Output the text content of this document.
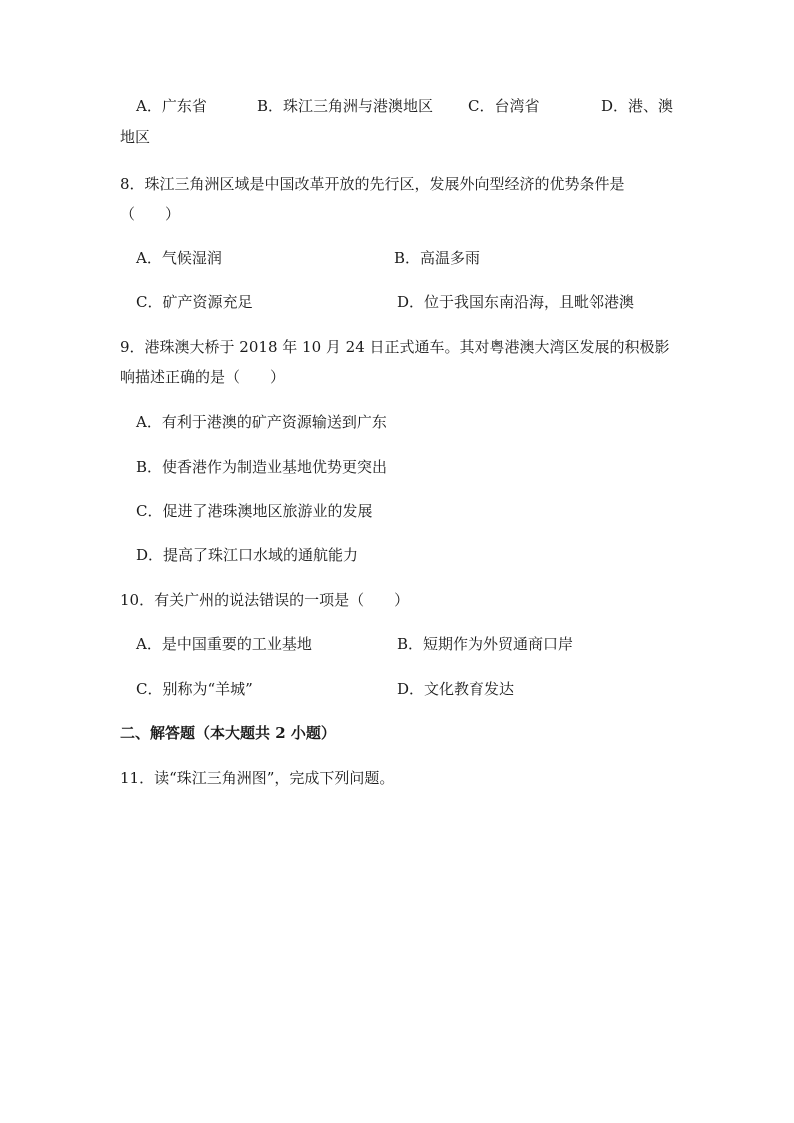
A．广东省	B．珠江三角洲与港澳地区 C．台湾省	D．港、澳
地区
8．珠江三角洲区域是中国改革开放的先行区，发展外向型经济的优势条件是
（　　）
A．气候湿润	B．高温多雨
C．矿产资源充足	D．位于我国东南沿海，且毗邻港澳
9．港珠澳大桥于 2018 年 10 月 24 日正式通车。其对粤港澳大湾区发展的积极影
响描述正确的是（　　）
A．有利于港澳的矿产资源输送到广东
B．使香港作为制造业基地优势更突出
C．促进了港珠澳地区旅游业的发展
D．提高了珠江口水域的通航能力
10．有关广州的说法错误的一项是（　　）
A．是中国重要的工业基地	B．短期作为外贸通商口岸
C．别称为“羊城”	D．文化教育发达
二、解答题（本大题共 2 小题）
11．读“珠江三角洲图”，完成下列问题。
